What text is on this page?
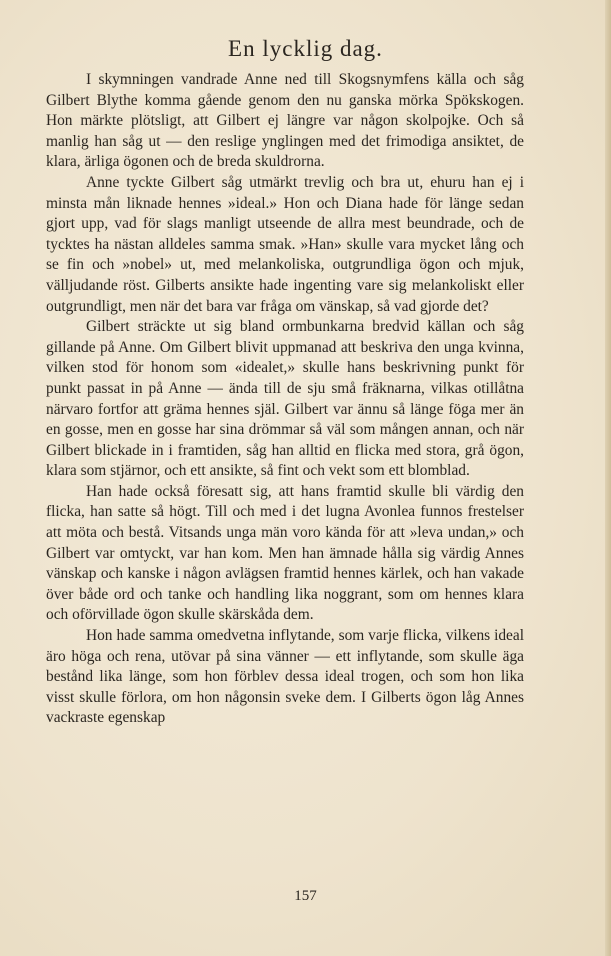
En lycklig dag.

I skymningen vandrade Anne ned till Skogsnymfens källa och såg Gilbert Blythe komma gående genom den nu ganska mörka Spökskogen. Hon märkte plötsligt, att Gilbert ej längre var någon skolpojke. Och så manlig han såg ut — den reslige ynglingen med det frimodiga ansiktet, de klara, ärliga ögonen och de breda skuldrorna.

Anne tyckte Gilbert såg utmärkt trevlig och bra ut, ehuru han ej i minsta mån liknade hennes »ideal.» Hon och Diana hade för länge sedan gjort upp, vad för slags manligt utseende de allra mest beundrade, och de tycktes ha nästan alldeles samma smak. »Han» skulle vara mycket lång och se fin och »nobel» ut, med melankoliska, outgrundliga ögon och mjuk, välljudande röst. Gilberts ansikte hade ingenting vare sig melankoliskt eller outgrundligt, men när det bara var fråga om vänskap, så vad gjorde det?

Gilbert sträckte ut sig bland ormbunkarna bredvid källan och såg gillande på Anne. Om Gilbert blivit uppmanad att beskriva den unga kvinna, vilken stod för honom som «idealet,» skulle hans beskrivning punkt för punkt passat in på Anne — ända till de sju små fräknarna, vilkas otillåtna närvaro fortfor att gräma hennes själ. Gilbert var ännu så länge föga mer än en gosse, men en gosse har sina drömmar så väl som mången annan, och när Gilbert blickade in i framtiden, såg han alltid en flicka med stora, grå ögon, klara som stjärnor, och ett ansikte, så fint och vekt som ett blomblad.

Han hade också föresatt sig, att hans framtid skulle bli värdig den flicka, han satte så högt. Till och med i det lugna Avonlea funnos frestelser att möta och bestå. Vitsands unga män voro kända för att »leva undan,» och Gilbert var omtyckt, var han kom. Men han ämnade hålla sig värdig Annes vänskap och kanske i någon avlägsen framtid hennes kärlek, och han vakade över både ord och tanke och handling lika noggrant, som om hennes klara och oförvillade ögon skulle skärskåda dem.

Hon hade samma omedvetna inflytande, som varje flicka, vilkens ideal äro höga och rena, utövar på sina vänner — ett inflytande, som skulle äga bestånd lika länge, som hon förblev dessa ideal trogen, och som hon lika visst skulle förlora, om hon någonsin sveke dem. I Gilberts ögon låg Annes vackraste egenskap

157
